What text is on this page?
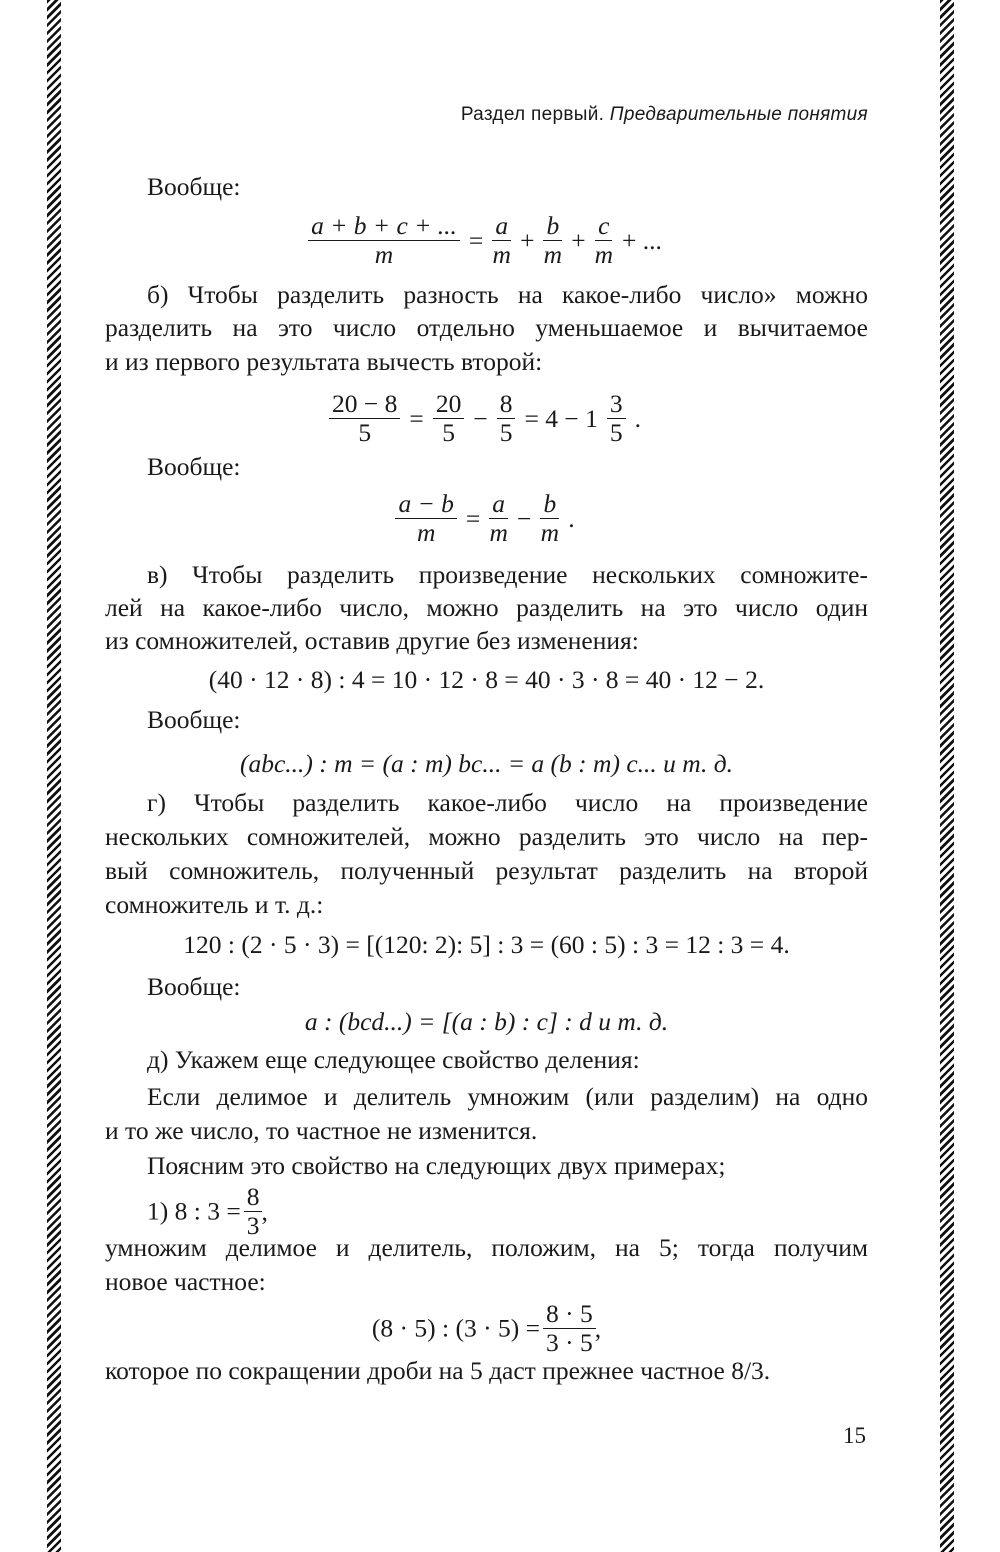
Раздел первый. Предварительные понятия
Вообще:
$\frac{a + b + c + ...}{m} = \frac{a}{m} + \frac{b}{m} + \frac{c}{m}$ + ...
б) Чтобы разделить разность на какое-либо число» можно
разделить на это число отдельно уменьшаемое и вычитаемое
и из первого результата вычесть второй:
$\frac{20 - 8}{5} = \frac{20}{5} - \frac{8}{5} = 4 - 1 \frac{3}{5}$ .
Вообще:
$\frac{a - b}{m} = \frac{a}{m} - \frac{b}{m}$ .
в) Чтобы разделить произведение нескольких сомножите-
лей на какое-либо число, можно разделить на это число один
из сомножителей, оставив другие без изменения:
(40 · 12 · 8) : 4 = 10 · 12 · 8 = 40 · 3 · 8 = 40 · 12 − 2.
Вообще:
(abc...) : m = (a : m) bc... = a (b : m) c... и т. д.
г) Чтобы разделить какое-либо число на произведение
нескольких сомножителей, можно разделить это число на пер-
вый сомножитель, полученный результат разделить на второй
сомножитель и т. д.:
120 : (2 · 5 · 3) = [(120: 2): 5] : 3 = (60 : 5) : 3 = 12 : 3 = 4.
Вообще:
a : (bcd...) = [(a : b) : c] : d и т. д.
д) Укажем еще следующее свойство деления:
Если делимое и делитель умножим (или разделим) на одно
и то же число, то частное не изменится.
Поясним это свойство на следующих двух примерах;
1) 8 : $3 = \frac{8}{3}$ ,
умножим делимое и делитель, положим, на 5; тогда получим
новое частное:
(8 · 5) : $(3 \cdot 5) = \frac{8 \cdot 5}{3 \cdot 5}$ ,
которое по сокращении дроби на 5 даст прежнее частное 8/3.
15
